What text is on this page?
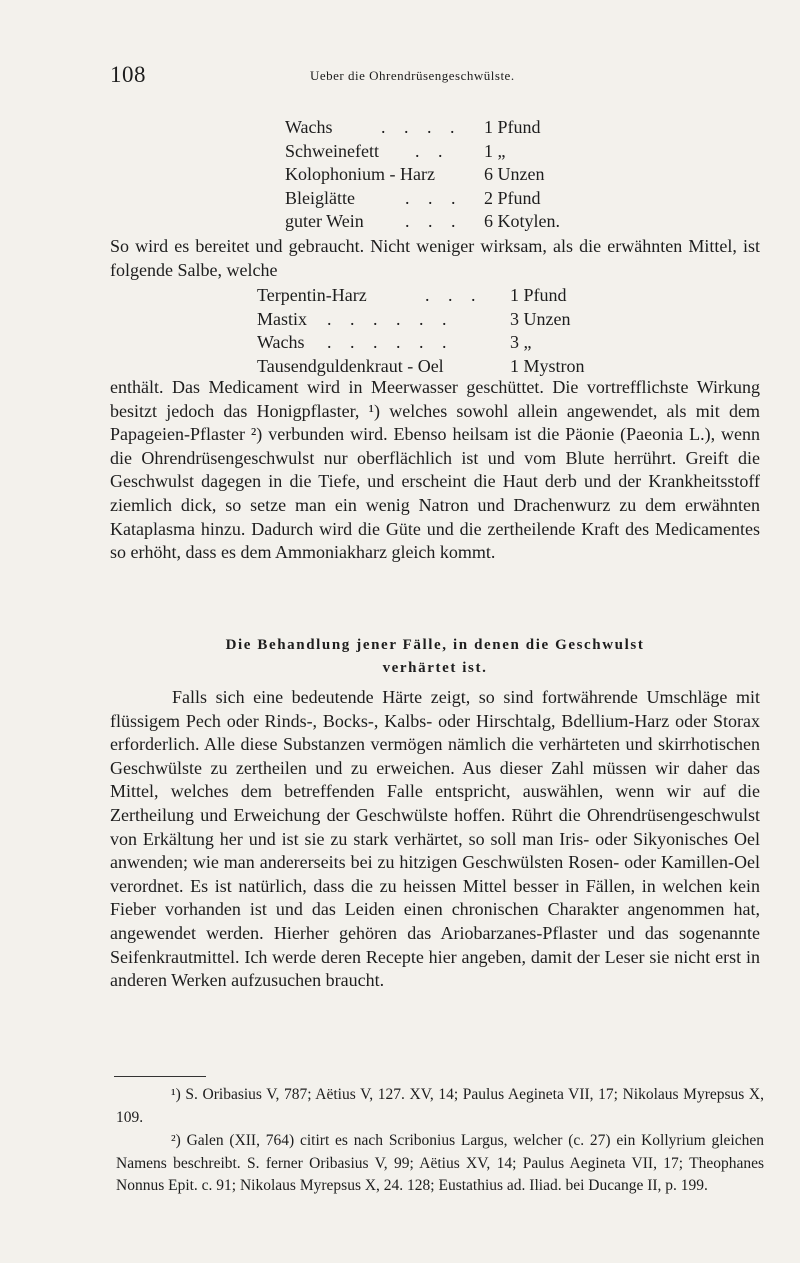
108	Ueber die Ohrendrüsengeschwülste.
Wachs	. . . . 1 Pfund
Schweinefett . . 1 „
Kolophonium - Harz	6 Unzen
Bleiglätte	. . . 2 Pfund
guter Wein . . . 6 Kotylen.

So wird es bereitet und gebraucht. Nicht weniger wirksam, als die erwähnten Mittel, ist folgende Salbe, welche

Terpentin-Harz	. . . 1 Pfund
Mastix . . . . . .	3 Unzen
Wachs . . . . . .	3 „
Tausendguldenkraut - Oel	1 Mystron

enthält. Das Medicament wird in Meerwasser geschüttet. Die vortrefflichste Wirkung besitzt jedoch das Honigpflaster, ¹) welches sowohl allein angewendet, als mit dem Papageien-Pflaster ²) verbunden wird. Ebenso heilsam ist die Päonie (Paeonia L.), wenn die Ohrendrüsengeschwulst nur oberflächlich ist und vom Blute herrührt. Greift die Geschwulst dagegen in die Tiefe, und erscheint die Haut derb und der Krankheitsstoff ziemlich dick, so setze man ein wenig Natron und Drachenwurz zu dem erwähnten Kataplasma hinzu. Dadurch wird die Güte und die zertheilende Kraft des Medicamentes so erhöht, dass es dem Ammoniakharz gleich kommt.

Die Behandlung jener Fälle, in denen die Geschwulst
verhärtet ist.

Falls sich eine bedeutende Härte zeigt, so sind fortwährende Umschläge mit flüssigem Pech oder Rinds-, Bocks-, Kalbs- oder Hirschtalg, Bdellium-Harz oder Storax erforderlich. Alle diese Substanzen vermögen nämlich die verhärteten und skirrhotischen Geschwülste zu zertheilen und zu erweichen. Aus dieser Zahl müssen wir daher das Mittel, welches dem betreffenden Falle entspricht, auswählen, wenn wir auf die Zertheilung und Erweichung der Geschwülste hoffen. Rührt die Ohrendrüsengeschwulst von Erkältung her und ist sie zu stark verhärtet, so soll man Iris- oder Sikyonisches Oel anwenden; wie man andererseits bei zu hitzigen Geschwülsten Rosen- oder Kamillen-Oel verordnet. Es ist natürlich, dass die zu heissen Mittel besser in Fällen, in welchen kein Fieber vorhanden ist und das Leiden einen chronischen Charakter angenommen hat, angewendet werden. Hierher gehören das Ariobarzanes-Pflaster und das sogenannte Seifenkrautmittel. Ich werde deren Recepte hier angeben, damit der Leser sie nicht erst in anderen Werken aufzusuchen braucht.

¹) S. Oribasius V, 787; Aëtius V, 127. XV, 14; Paulus Aegineta VII, 17; Nikolaus Myrepsus X, 109.

²) Galen (XII, 764) citirt es nach Scribonius Largus, welcher (c. 27) ein Kollyrium gleichen Namens beschreibt. S. ferner Oribasius V, 99; Aëtius XV, 14; Paulus Aegineta VII, 17; Theophanes Nonnus Epit. c. 91; Nikolaus Myrepsus X, 24. 128; Eustathius ad. Iliad. bei Ducange II, p. 199.
